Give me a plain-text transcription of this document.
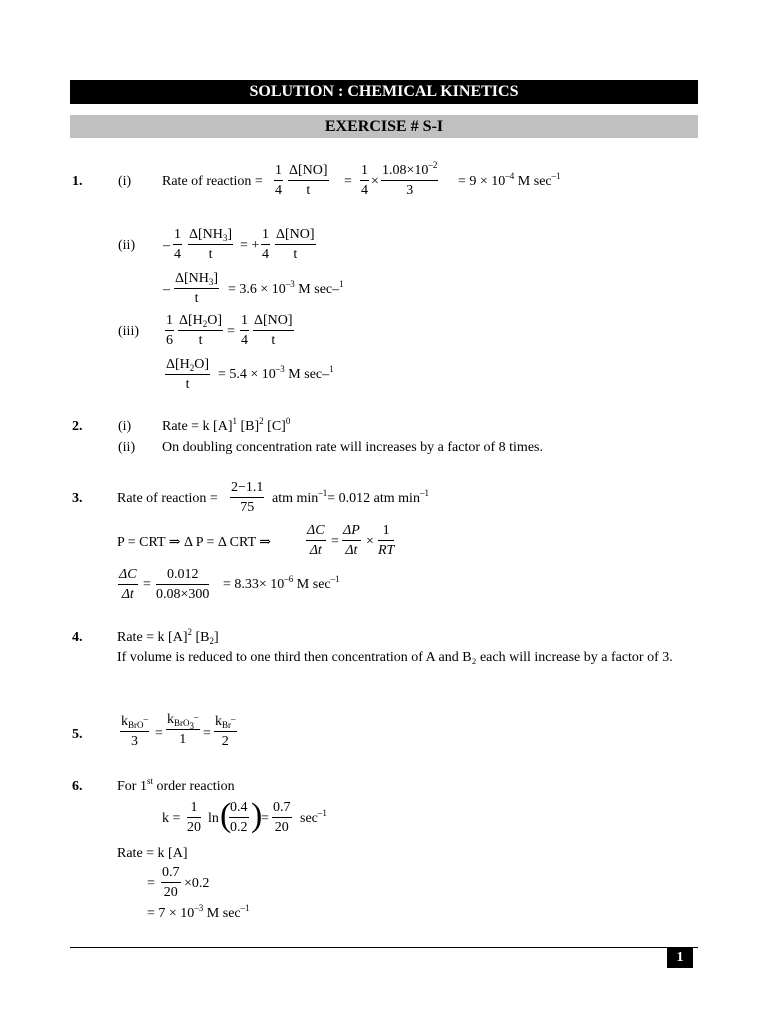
SOLUTION : CHEMICAL KINETICS
EXERCISE # S-I
1.	(i) Rate of reaction = $\frac{1}{4} \frac{\Delta[NO]}{t} = \frac{1}{4} \times \frac{1.08\times 10^{-2}}{3} = 9 \times 10^{-4}$ M $\sec^{-1}$
$(ii) - \frac{1}{4} \frac{\Delta[NH_3]}{t}$ = + $\frac{1}{4} \frac{\Delta[NO]}{t}$
– $\frac{\Delta[NH_3]}{t} = 3.6 \times 10^{-3}$ M sec–$^1$
$(iii) \frac{1}{6} \frac{\Delta[H_2O]}{t} = \frac{1}{4} \frac{\Delta[NO]}{t}$
$\frac{\Delta[H_2O]}{t} = 5.4 \times 10^{-3}$ M sec–$^1$
2.	(i) Rate = k $[A]^1$ $[B]^2$ $[C]^0$
(ii) On doubling concentration rate will increases by a factor of 8 times.
3. Rate of reaction = $\frac{2-1.1}{75}$ atm $\min^{-1}= 0.012$ atm $\min^{-1}$
P = CRT ⇒ Δ P = Δ CRT ⇒ $\frac{\Delta C}{\Delta t} = \frac{\Delta P}{\Delta t} \times \frac{1}{RT}$
$\frac{\Delta C}{\Delta t} = \frac{0.012}{0.08\times 300} = 8.33\times 10^{-6}$ M $\sec^{-1}$
4. Rate = k $[A]^2$ $[B_2]$
If volume is reduced to one third then concentration of A and B₂ each will increase by a factor of 3.
5.
$k_{BrO^-}$
3
=
$k_{BrO_3^-}$
1	=
$k_{Br^-}$
2
6. For 1st order reaction
$k = \frac{1}{20}$ ln (
$\frac{0.4}{0.2}$ )
= $\frac{0.7}{20} \sec^{-1}$
Rate = k [A]
= $\frac{0.7}{20} \times 0.2$
= $7 \times 10^{-3}$ M $\sec^{-1}$
1
